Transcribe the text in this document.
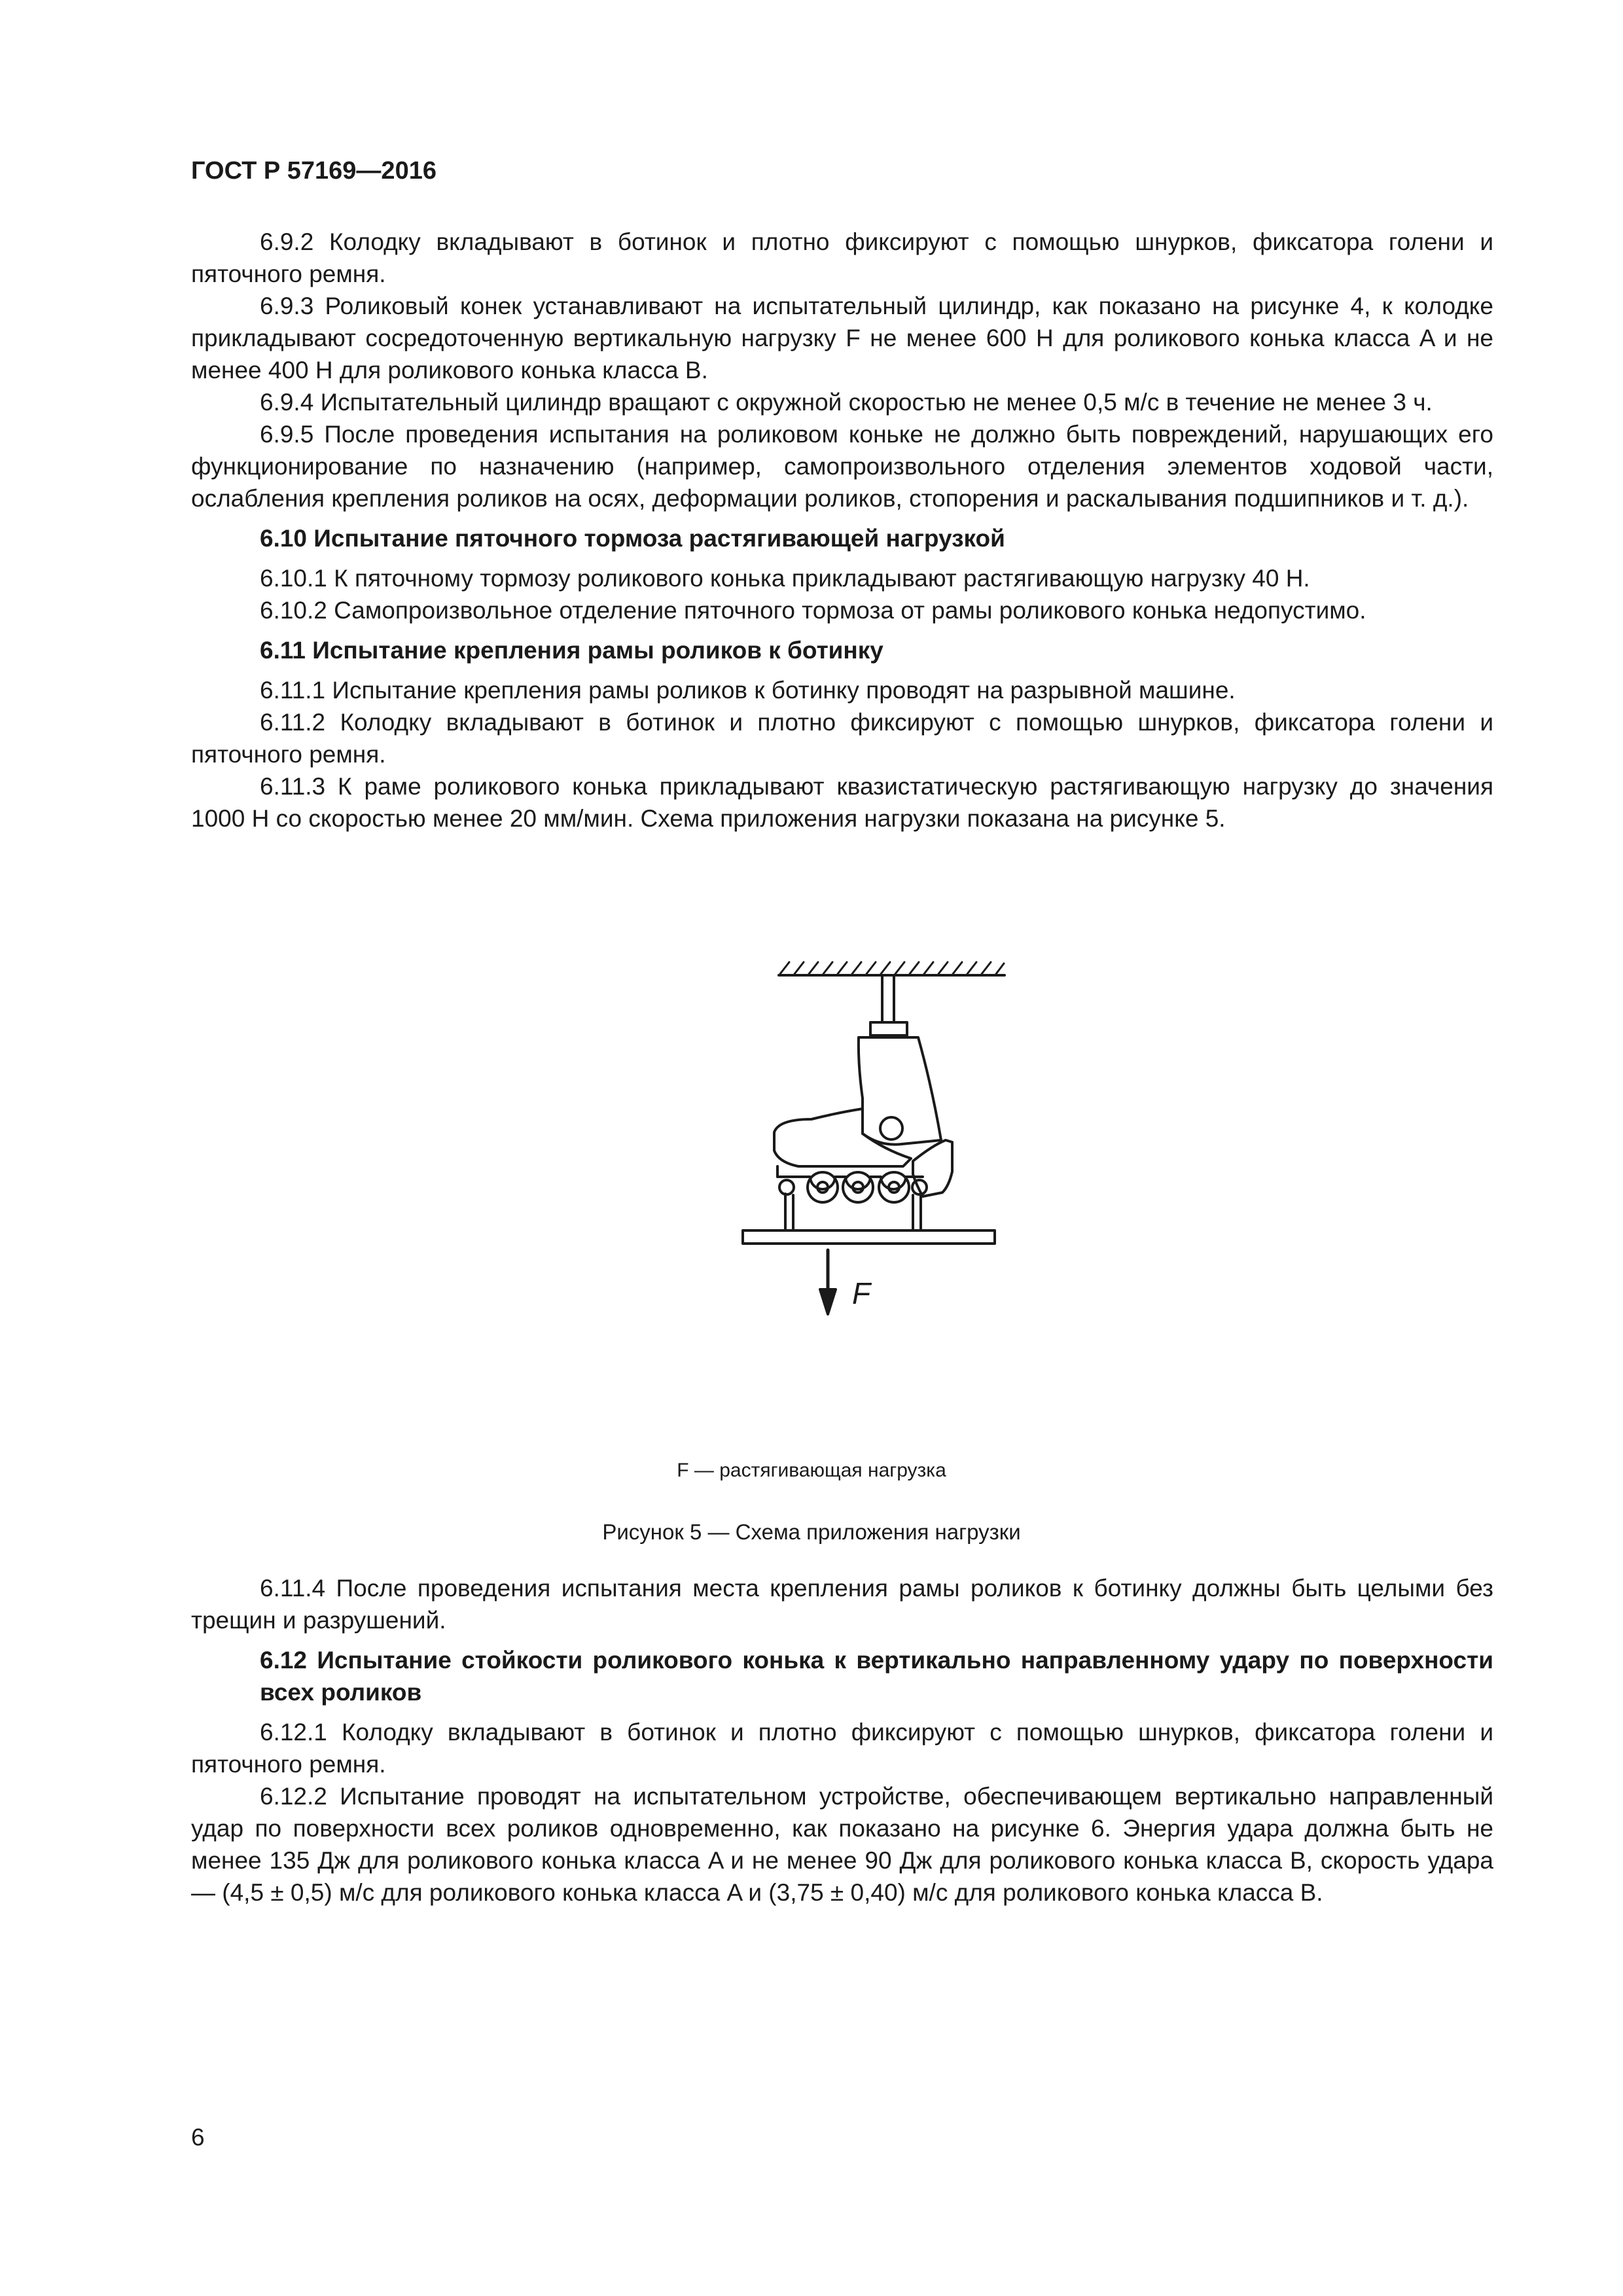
ГОСТ Р 57169—2016

6.9.2 Колодку вкладывают в ботинок и плотно фиксируют с помощью шнурков, фиксатора голени и пяточного ремня.

6.9.3 Роликовый конек устанавливают на испытательный цилиндр, как показано на рисунке 4, к колодке прикладывают сосредоточенную вертикальную нагрузку F не менее 600 Н для роликового конька класса A и не менее 400 Н для роликового конька класса B.

6.9.4 Испытательный цилиндр вращают с окружной скоростью не менее 0,5 м/с в течение не менее 3 ч.

6.9.5 После проведения испытания на роликовом коньке не должно быть повреждений, нарушающих его функционирование по назначению (например, самопроизвольного отделения элементов ходовой части, ослабления крепления роликов на осях, деформации роликов, стопорения и раскалывания подшипников и т. д.).

6.10 Испытание пяточного тормоза растягивающей нагрузкой

6.10.1 К пяточному тормозу роликового конька прикладывают растягивающую нагрузку 40 Н.

6.10.2 Самопроизвольное отделение пяточного тормоза от рамы роликового конька недопустимо.

6.11 Испытание крепления рамы роликов к ботинку

6.11.1 Испытание крепления рамы роликов к ботинку проводят на разрывной машине.

6.11.2 Колодку вкладывают в ботинок и плотно фиксируют с помощью шнурков, фиксатора голени и пяточного ремня.

6.11.3 К раме роликового конька прикладывают квазистатическую растягивающую нагрузку до значения 1000 Н со скоростью менее 20 мм/мин. Схема приложения нагрузки показана на рисунке 5.

F
F — растягивающая нагрузка
Рисунок 5 — Схема приложения нагрузки

6.11.4 После проведения испытания места крепления рамы роликов к ботинку должны быть целыми без трещин и разрушений.

6.12 Испытание стойкости роликового конька к вертикально направленному удару по поверхности всех роликов

6.12.1 Колодку вкладывают в ботинок и плотно фиксируют с помощью шнурков, фиксатора голени и пяточного ремня.

6.12.2 Испытание проводят на испытательном устройстве, обеспечивающем вертикально направленный удар по поверхности всех роликов одновременно, как показано на рисунке 6. Энергия удара должна быть не менее 135 Дж для роликового конька класса A и не менее 90 Дж для роликового конька класса B, скорость удара — (4,5 ± 0,5) м/с для роликового конька класса A и (3,75 ± 0,40) м/с для роликового конька класса B.

6
